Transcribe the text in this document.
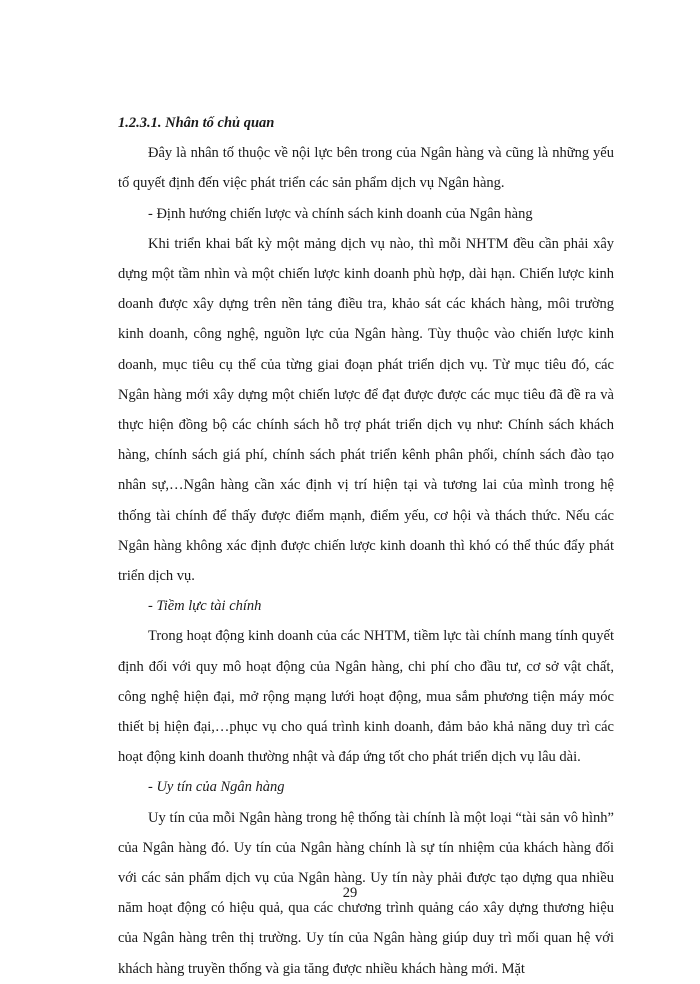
1.2.3.1. Nhân tố chủ quan

Đây là nhân tố thuộc về nội lực bên trong của Ngân hàng và cũng là những yếu tố quyết định đến việc phát triển các sản phẩm dịch vụ Ngân hàng.

- Định hướng chiến lược và chính sách kinh doanh của Ngân hàng

Khi triển khai bất kỳ một mảng dịch vụ nào, thì mỗi NHTM đều cần phải xây dựng một tầm nhìn và một chiến lược kinh doanh phù hợp, dài hạn. Chiến lược kinh doanh được xây dựng trên nền tảng điều tra, khảo sát các khách hàng, môi trường kinh doanh, công nghệ, nguồn lực của Ngân hàng. Tùy thuộc vào chiến lược kinh doanh, mục tiêu cụ thể của từng giai đoạn phát triển dịch vụ. Từ mục tiêu đó, các Ngân hàng mới xây dựng một chiến lược để đạt được được các mục tiêu đã đề ra và thực hiện đồng bộ các chính sách hỗ trợ phát triển dịch vụ như: Chính sách khách hàng, chính sách giá phí, chính sách phát triển kênh phân phối, chính sách đào tạo nhân sự,…Ngân hàng cần xác định vị trí hiện tại và tương lai của mình trong hệ thống tài chính để thấy được điểm mạnh, điểm yếu, cơ hội và thách thức. Nếu các Ngân hàng không xác định được chiến lược kinh doanh thì khó có thể thúc đẩy phát triển dịch vụ.

- Tiềm lực tài chính

Trong hoạt động kinh doanh của các NHTM, tiềm lực tài chính mang tính quyết định đối với quy mô hoạt động của Ngân hàng, chi phí cho đầu tư, cơ sở vật chất, công nghệ hiện đại, mở rộng mạng lưới hoạt động, mua sắm phương tiện máy móc thiết bị hiện đại,…phục vụ cho quá trình kinh doanh, đảm bảo khả năng duy trì các hoạt động kinh doanh thường nhật và đáp ứng tốt cho phát triển dịch vụ lâu dài.

- Uy tín của Ngân hàng

Uy tín của mỗi Ngân hàng trong hệ thống tài chính là một loại “tài sản vô hình” của Ngân hàng đó. Uy tín của Ngân hàng chính là sự tín nhiệm của khách hàng đối với các sản phẩm dịch vụ của Ngân hàng. Uy tín này phải được tạo dựng qua nhiều năm hoạt động có hiệu quả, qua các chương trình quảng cáo xây dựng thương hiệu của Ngân hàng trên thị trường. Uy tín của Ngân hàng giúp duy trì mối quan hệ với khách hàng truyền thống và gia tăng được nhiều khách hàng mới. Mặt

29
